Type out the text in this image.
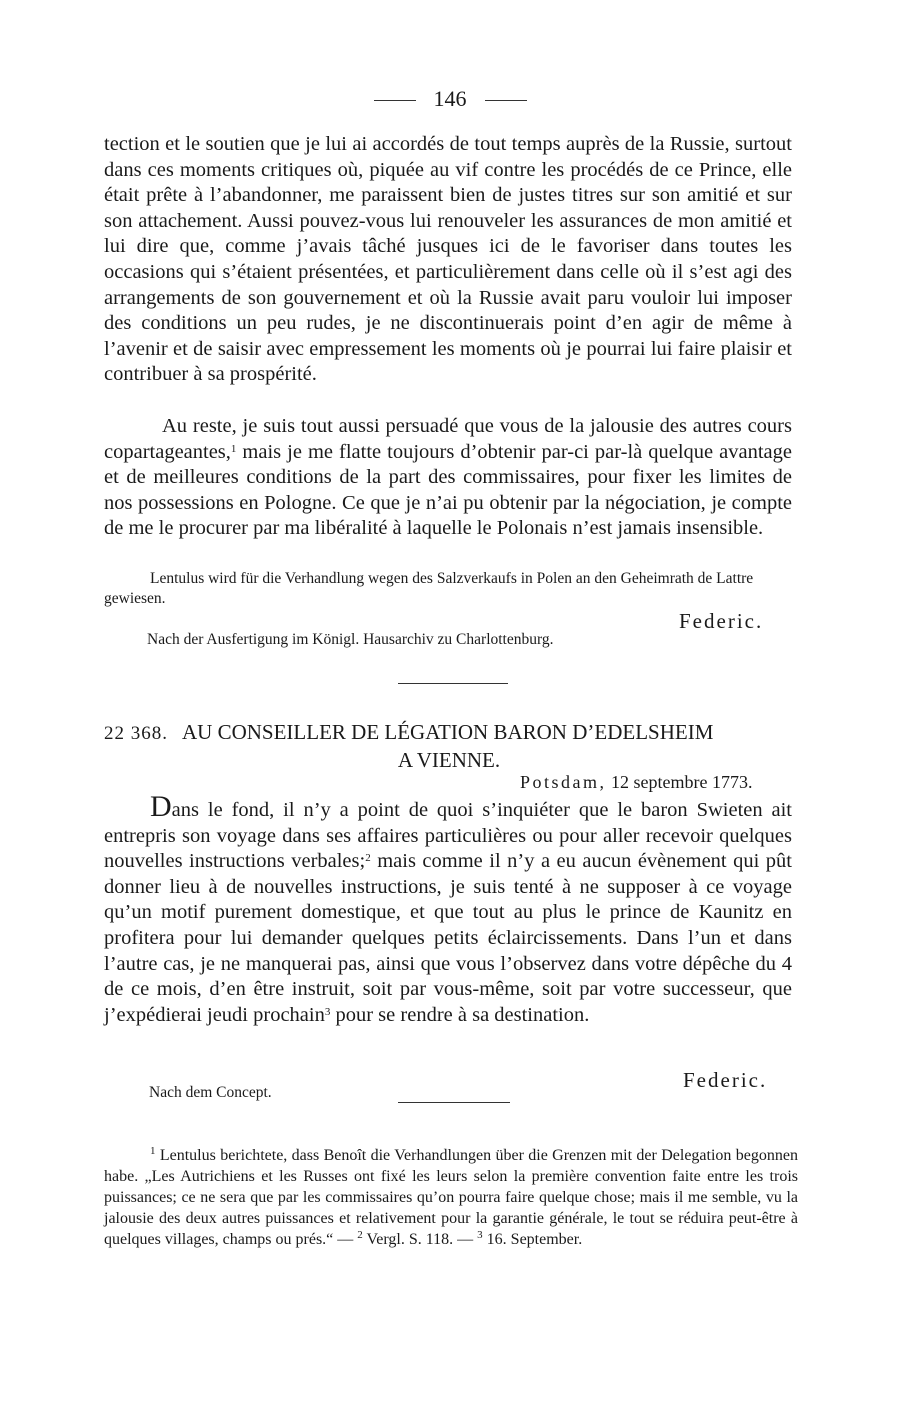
146

tection et le soutien que je lui ai accordés de tout temps auprès de la Russie, surtout dans ces moments critiques où, piquée au vif contre les procédés de ce Prince, elle était prête à l’abandonner, me paraissent bien de justes titres sur son amitié et sur son attachement. Aussi pouvez-vous lui renouveler les assurances de mon amitié et lui dire que, comme j’avais tâché jusques ici de le favoriser dans toutes les occasions qui s’étaient présentées, et particulièrement dans celle où il s’est agi des arrangements de son gouvernement et où la Russie avait paru vouloir lui imposer des conditions un peu rudes, je ne discontinuerais point d’en agir de même à l’avenir et de saisir avec empressement les moments où je pourrai lui faire plaisir et contribuer à sa prospérité.

Au reste, je suis tout aussi persuadé que vous de la jalousie des autres cours copartageantes,$^1$ mais je me flatte toujours d’obtenir par-ci par-là quelque avantage et de meilleures conditions de la part des commissaires, pour fixer les limites de nos possessions en Pologne. Ce que je n’ai pu obtenir par la négociation, je compte de me le procurer par ma libéralité à laquelle le Polonais n’est jamais insensible.

Lentulus wird für die Verhandlung wegen des Salzverkaufs in Polen an den Geheimrath de Lattre gewiesen.

Federic.
Nach der Ausfertigung im Königl. Hausarchiv zu Charlottenburg.
22 368. AU CONSEILLER DE LÉGATION BARON D’EDELSHEIM
A VIENNE.
Potsdam, 12 septembre 1773.

Dans le fond, il n’y a point de quoi s’inquiéter que le baron Swieten ait entrepris son voyage dans ses affaires particulières ou pour aller recevoir quelques nouvelles instructions verbales;$^2$ mais comme il n’y a eu aucun évènement qui pût donner lieu à de nouvelles instructions, je suis tenté à ne supposer à ce voyage qu’un motif purement domestique, et que tout au plus le prince de Kaunitz en profitera pour lui demander quelques petits éclaircissements. Dans l’un et dans l’autre cas, je ne manquerai pas, ainsi que vous l’observez dans votre dépêche du 4 de ce mois, d’en être instruit, soit par vous-même, soit par votre successeur, que j’expédierai jeudi prochain$^3$ pour se rendre à sa destination.

Federic.
Nach dem Concept.

$^1$ Lentulus berichtete, dass Benoît die Verhandlungen über die Grenzen mit der Delegation begonnen habe. „Les Autrichiens et les Russes ont fixé les leurs selon la première convention faite entre les trois puissances; ce ne sera que par les commissaires qu’on pourra faire quelque chose; mais il me semble, vu la jalousie des deux autres puissances et relativement pour la garantie générale, le tout se réduira peut-être à quelques villages, champs ou prés.“ — $^2$ Vergl. S. 118. — $^3$ 16. September.
